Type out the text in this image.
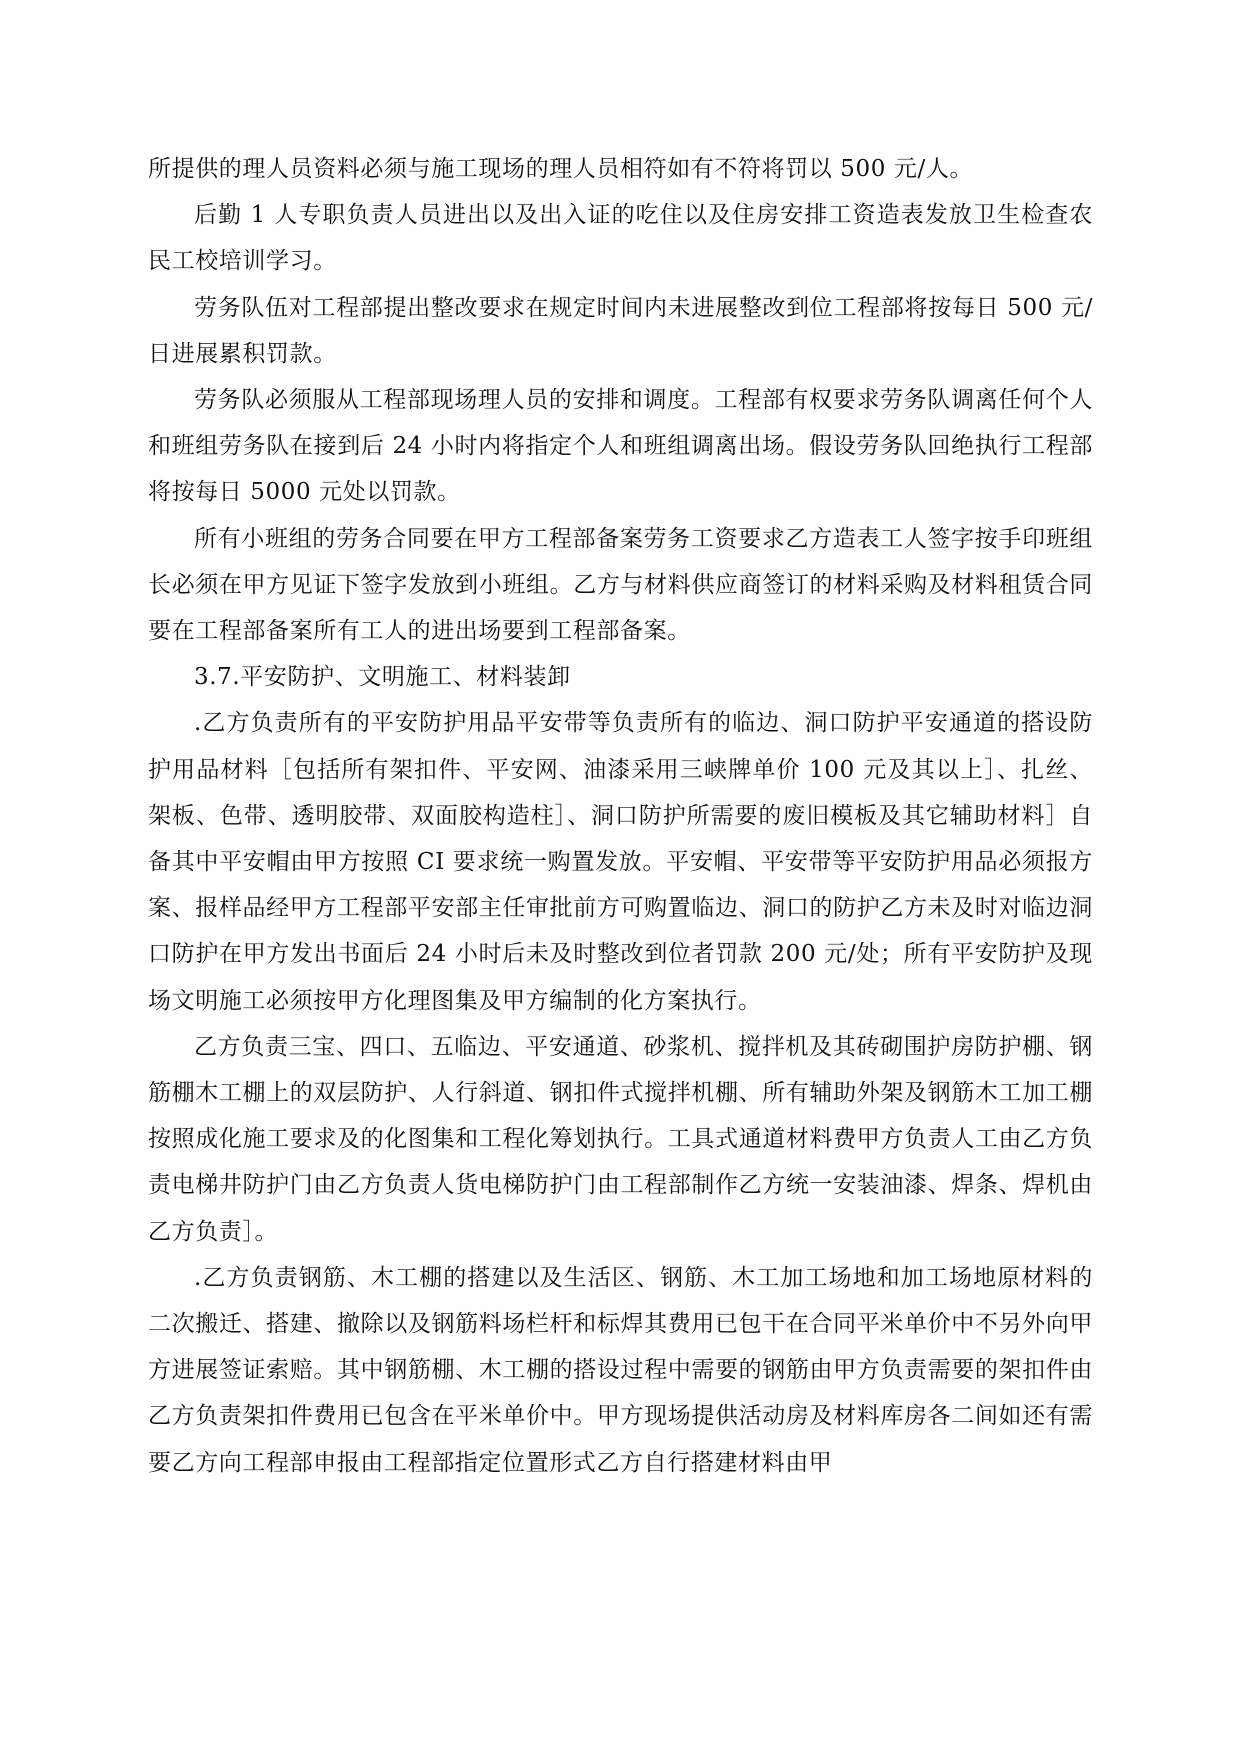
所提供的理人员资料必须与施工现场的理人员相符如有不符将罚以 500 元/人。

后勤 1 人专职负责人员进出以及出入证的吃住以及住房安排工资造表发放卫生检查农民工校培训学习。

劳务队伍对工程部提出整改要求在规定时间内未进展整改到位工程部将按每日 500 元/日进展累积罚款。

劳务队必须服从工程部现场理人员的安排和调度。工程部有权要求劳务队调离任何个人和班组劳务队在接到后 24 小时内将指定个人和班组调离出场。假设劳务队回绝执行工程部将按每日 5000 元处以罚款。

所有小班组的劳务合同要在甲方工程部备案劳务工资要求乙方造表工人签字按手印班组长必须在甲方见证下签字发放到小班组。乙方与材料供应商签订的材料采购及材料租赁合同要在工程部备案所有工人的进出场要到工程部备案。

3.7.平安防护、文明施工、材料装卸

.乙方负责所有的平安防护用品平安带等负责所有的临边、洞口防护平安通道的搭设防护用品材料［包括所有架扣件、平安网、油漆采用三峡牌单价 100 元及其以上］、扎丝、架板、色带、透明胶带、双面胶构造柱］、洞口防护所需要的废旧模板及其它辅助材料］自备其中平安帽由甲方按照 CI 要求统一购置发放。平安帽、平安带等平安防护用品必须报方案、报样品经甲方工程部平安部主任审批前方可购置临边、洞口的防护乙方未及时对临边洞口防护在甲方发出书面后 24 小时后未及时整改到位者罚款 200 元/处；所有平安防护及现场文明施工必须按甲方化理图集及甲方编制的化方案执行。

乙方负责三宝、四口、五临边、平安通道、砂浆机、搅拌机及其砖砌围护房防护棚、钢筋棚木工棚上的双层防护、人行斜道、钢扣件式搅拌机棚、所有辅助外架及钢筋木工加工棚按照成化施工要求及的化图集和工程化筹划执行。工具式通道材料费甲方负责人工由乙方负责电梯井防护门由乙方负责人货电梯防护门由工程部制作乙方统一安装油漆、焊条、焊机由乙方负责］。

.乙方负责钢筋、木工棚的搭建以及生活区、钢筋、木工加工场地和加工场地原材料的二次搬迁、搭建、撤除以及钢筋料场栏杆和标焊其费用已包干在合同平米单价中不另外向甲方进展签证索赔。其中钢筋棚、木工棚的搭设过程中需要的钢筋由甲方负责需要的架扣件由乙方负责架扣件费用已包含在平米单价中。甲方现场提供活动房及材料库房各二间如还有需要乙方向工程部申报由工程部指定位置形式乙方自行搭建材料由甲
